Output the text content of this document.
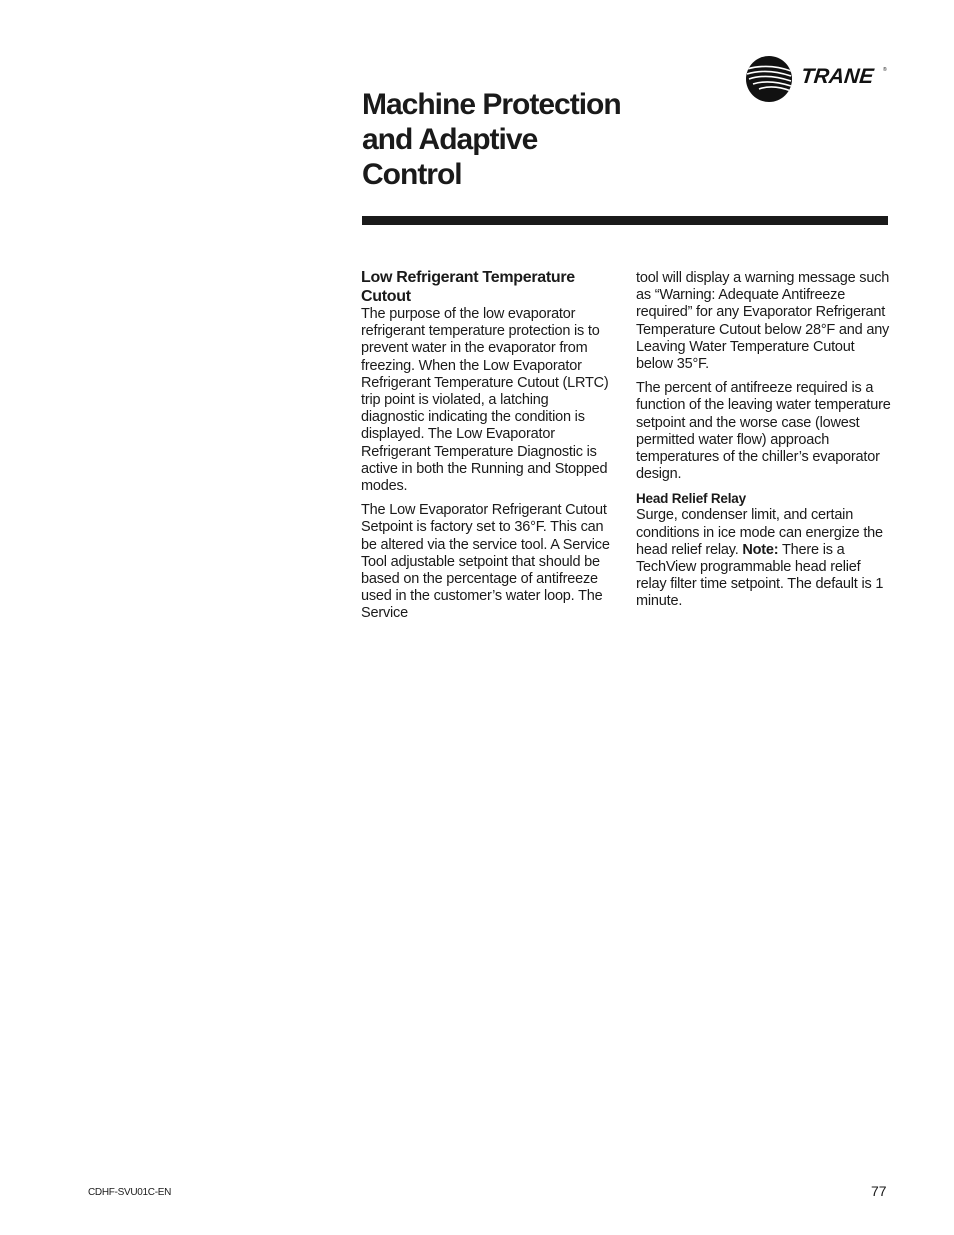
TRANE ®
Machine Protection
and Adaptive
Control
Low Refrigerant Temperature Cutout

The purpose of the low evaporator refrigerant temperature protection is to prevent water in the evaporator from freezing. When the Low Evaporator Refrigerant Temperature Cutout (LRTC) trip point is violated, a latching diagnostic indicating the condition is displayed. The Low Evaporator Refrigerant Temperature Diagnostic is active in both the Running and Stopped modes.

The Low Evaporator Refrigerant Cutout Setpoint is factory set to 36°F. This can be altered via the service tool. A Service Tool adjustable setpoint that should be based on the percentage of antifreeze used in the customer’s water loop. The Service

tool will display a warning message such as “Warning: Adequate Antifreeze required” for any Evaporator Refrigerant Temperature Cutout below 28°F and any Leaving Water Temperature Cutout below 35°F.

The percent of antifreeze required is a function of the leaving water temperature setpoint and the worse case (lowest permitted water flow) approach temperatures of the chiller’s evaporator design.

Head Relief Relay

Surge, condenser limit, and certain conditions in ice mode can energize the head relief relay. Note: There is a TechView programmable head relief relay filter time setpoint. The default is 1 minute.

CDHF-SVU01C-EN	77
